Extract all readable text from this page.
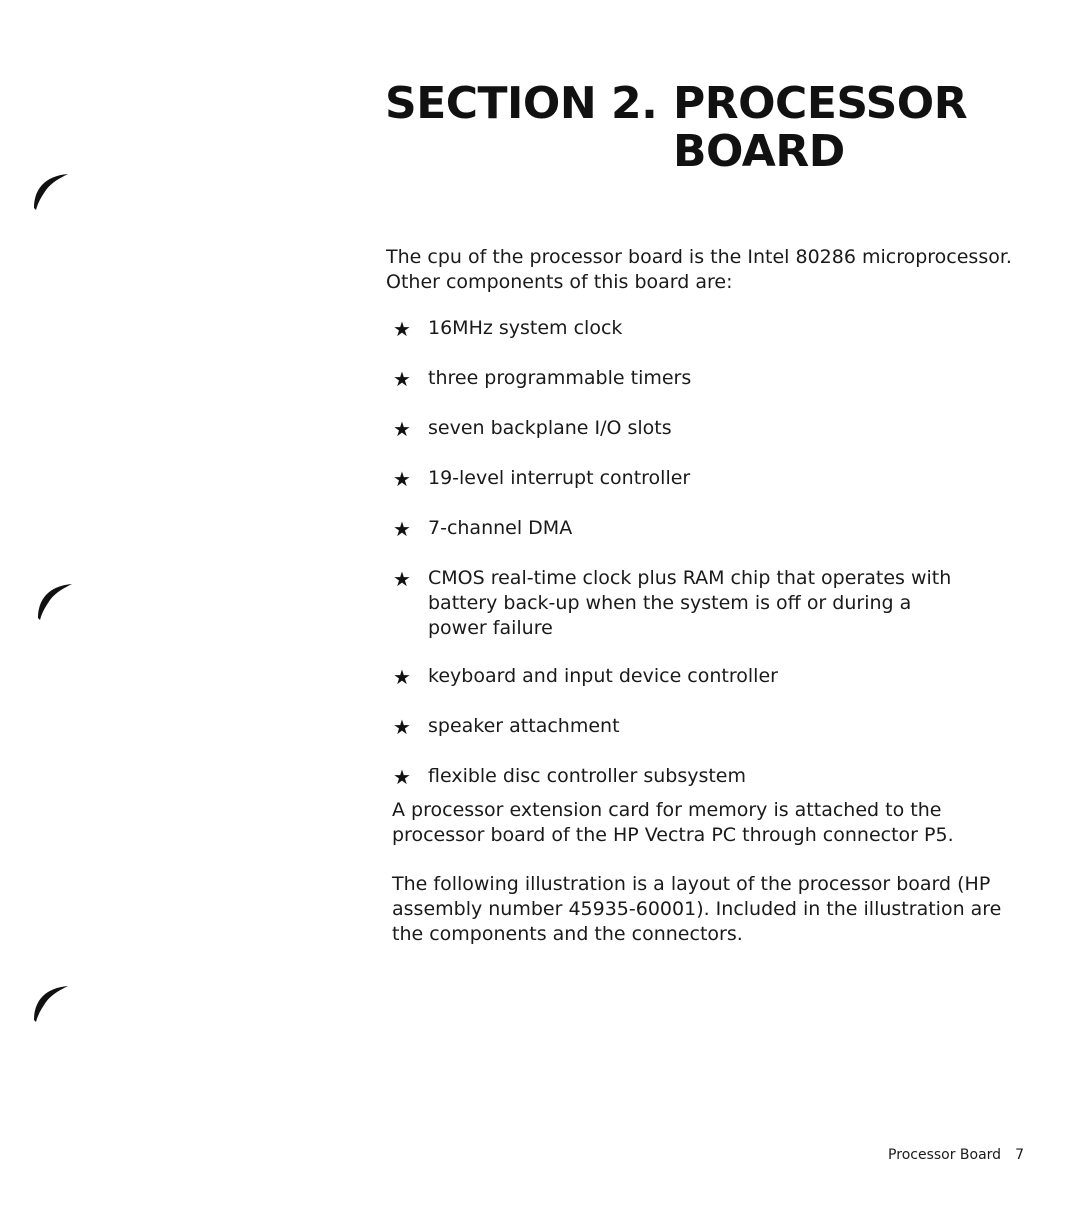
SECTION 2. PROCESSOR BOARD

The cpu of the processor board is the Intel 80286 microprocessor. Other components of this board are:

★ 16MHz system clock
★ three programmable timers
★ seven backplane I/O slots
★ 19-level interrupt controller
★ 7-channel DMA
★ CMOS real-time clock plus RAM chip that operates with battery back-up when the system is off or during a power failure
★ keyboard and input device controller
★ speaker attachment
★ flexible disc controller subsystem

A processor extension card for memory is attached to the processor board of the HP Vectra PC through connector P5.

The following illustration is a layout of the processor board (HP assembly number 45935-60001). Included in the illustration are the components and the connectors.

Processor Board 7
